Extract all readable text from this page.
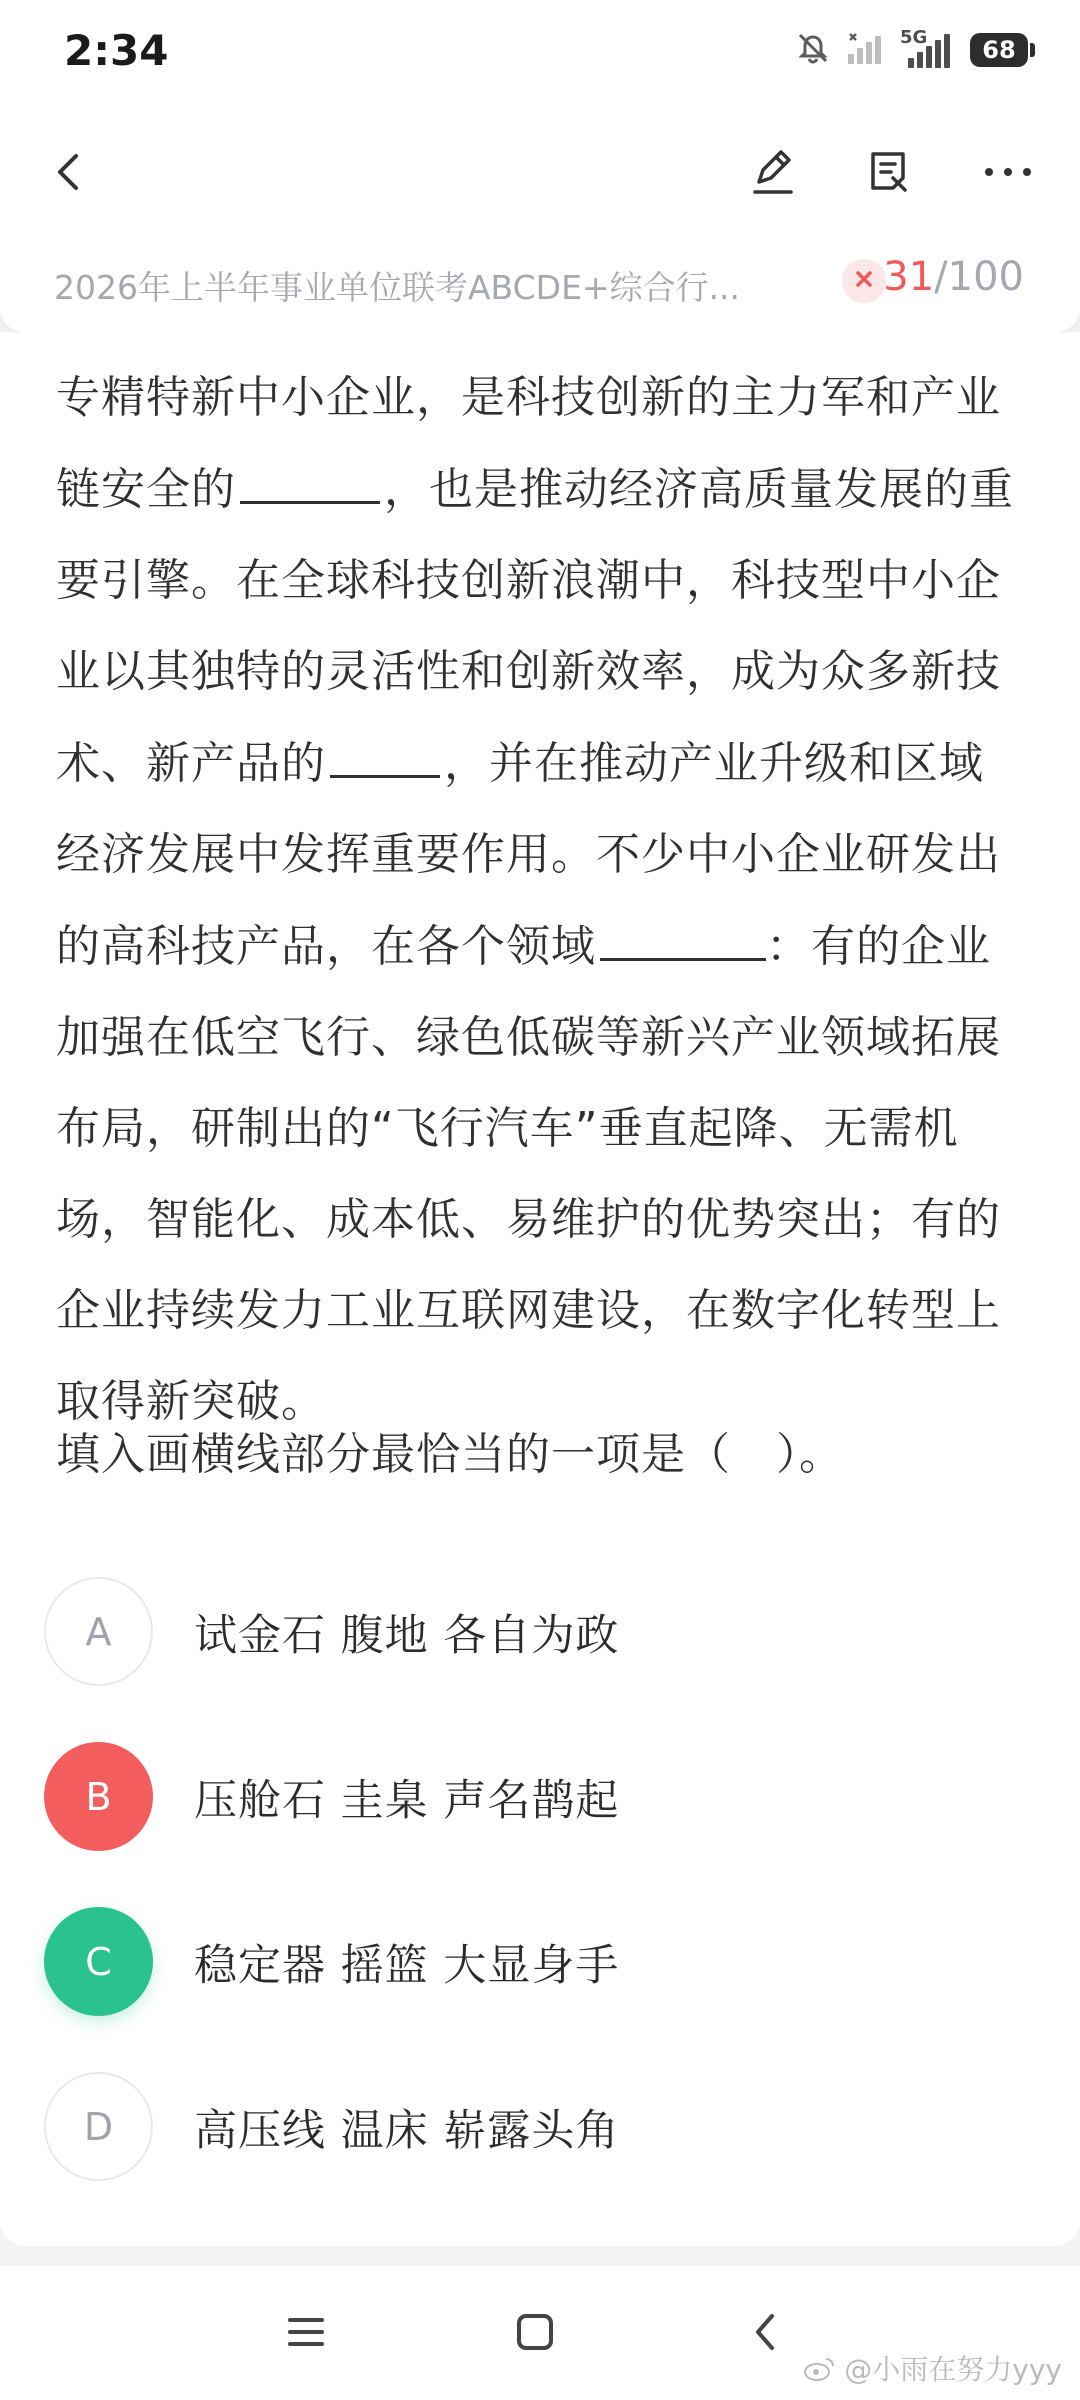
2:34	5G 68
2026年上半年事业单位联考ABCDE+综合行...	31/100
专精特新中小企业，是科技创新的主力军和产业链安全的	，也是推动经济高质量发展的重要引擎。在全球科技创新浪潮中，科技型中小企业以其独特的灵活性和创新效率，成为众多新技术、新产品的	，并在推动产业升级和区域经济发展中发挥重要作用。不少中小企业研发出的高科技产品，在各个领域	：有的企业加强在低空飞行、绿色低碳等新兴产业领域拓展布局，研制出的“飞行汽车”垂直起降、无需机场，智能化、成本低、易维护的优势突出；有的企业持续发力工业互联网建设，在数字化转型上取得新突破。
填入画横线部分最恰当的一项是（　）。
A	试金石 腹地 各自为政
B	压舱石 圭臬 声名鹊起
C	稳定器 摇篮 大显身手
D	高压线 温床 崭露头角
@小雨在努力yyy
